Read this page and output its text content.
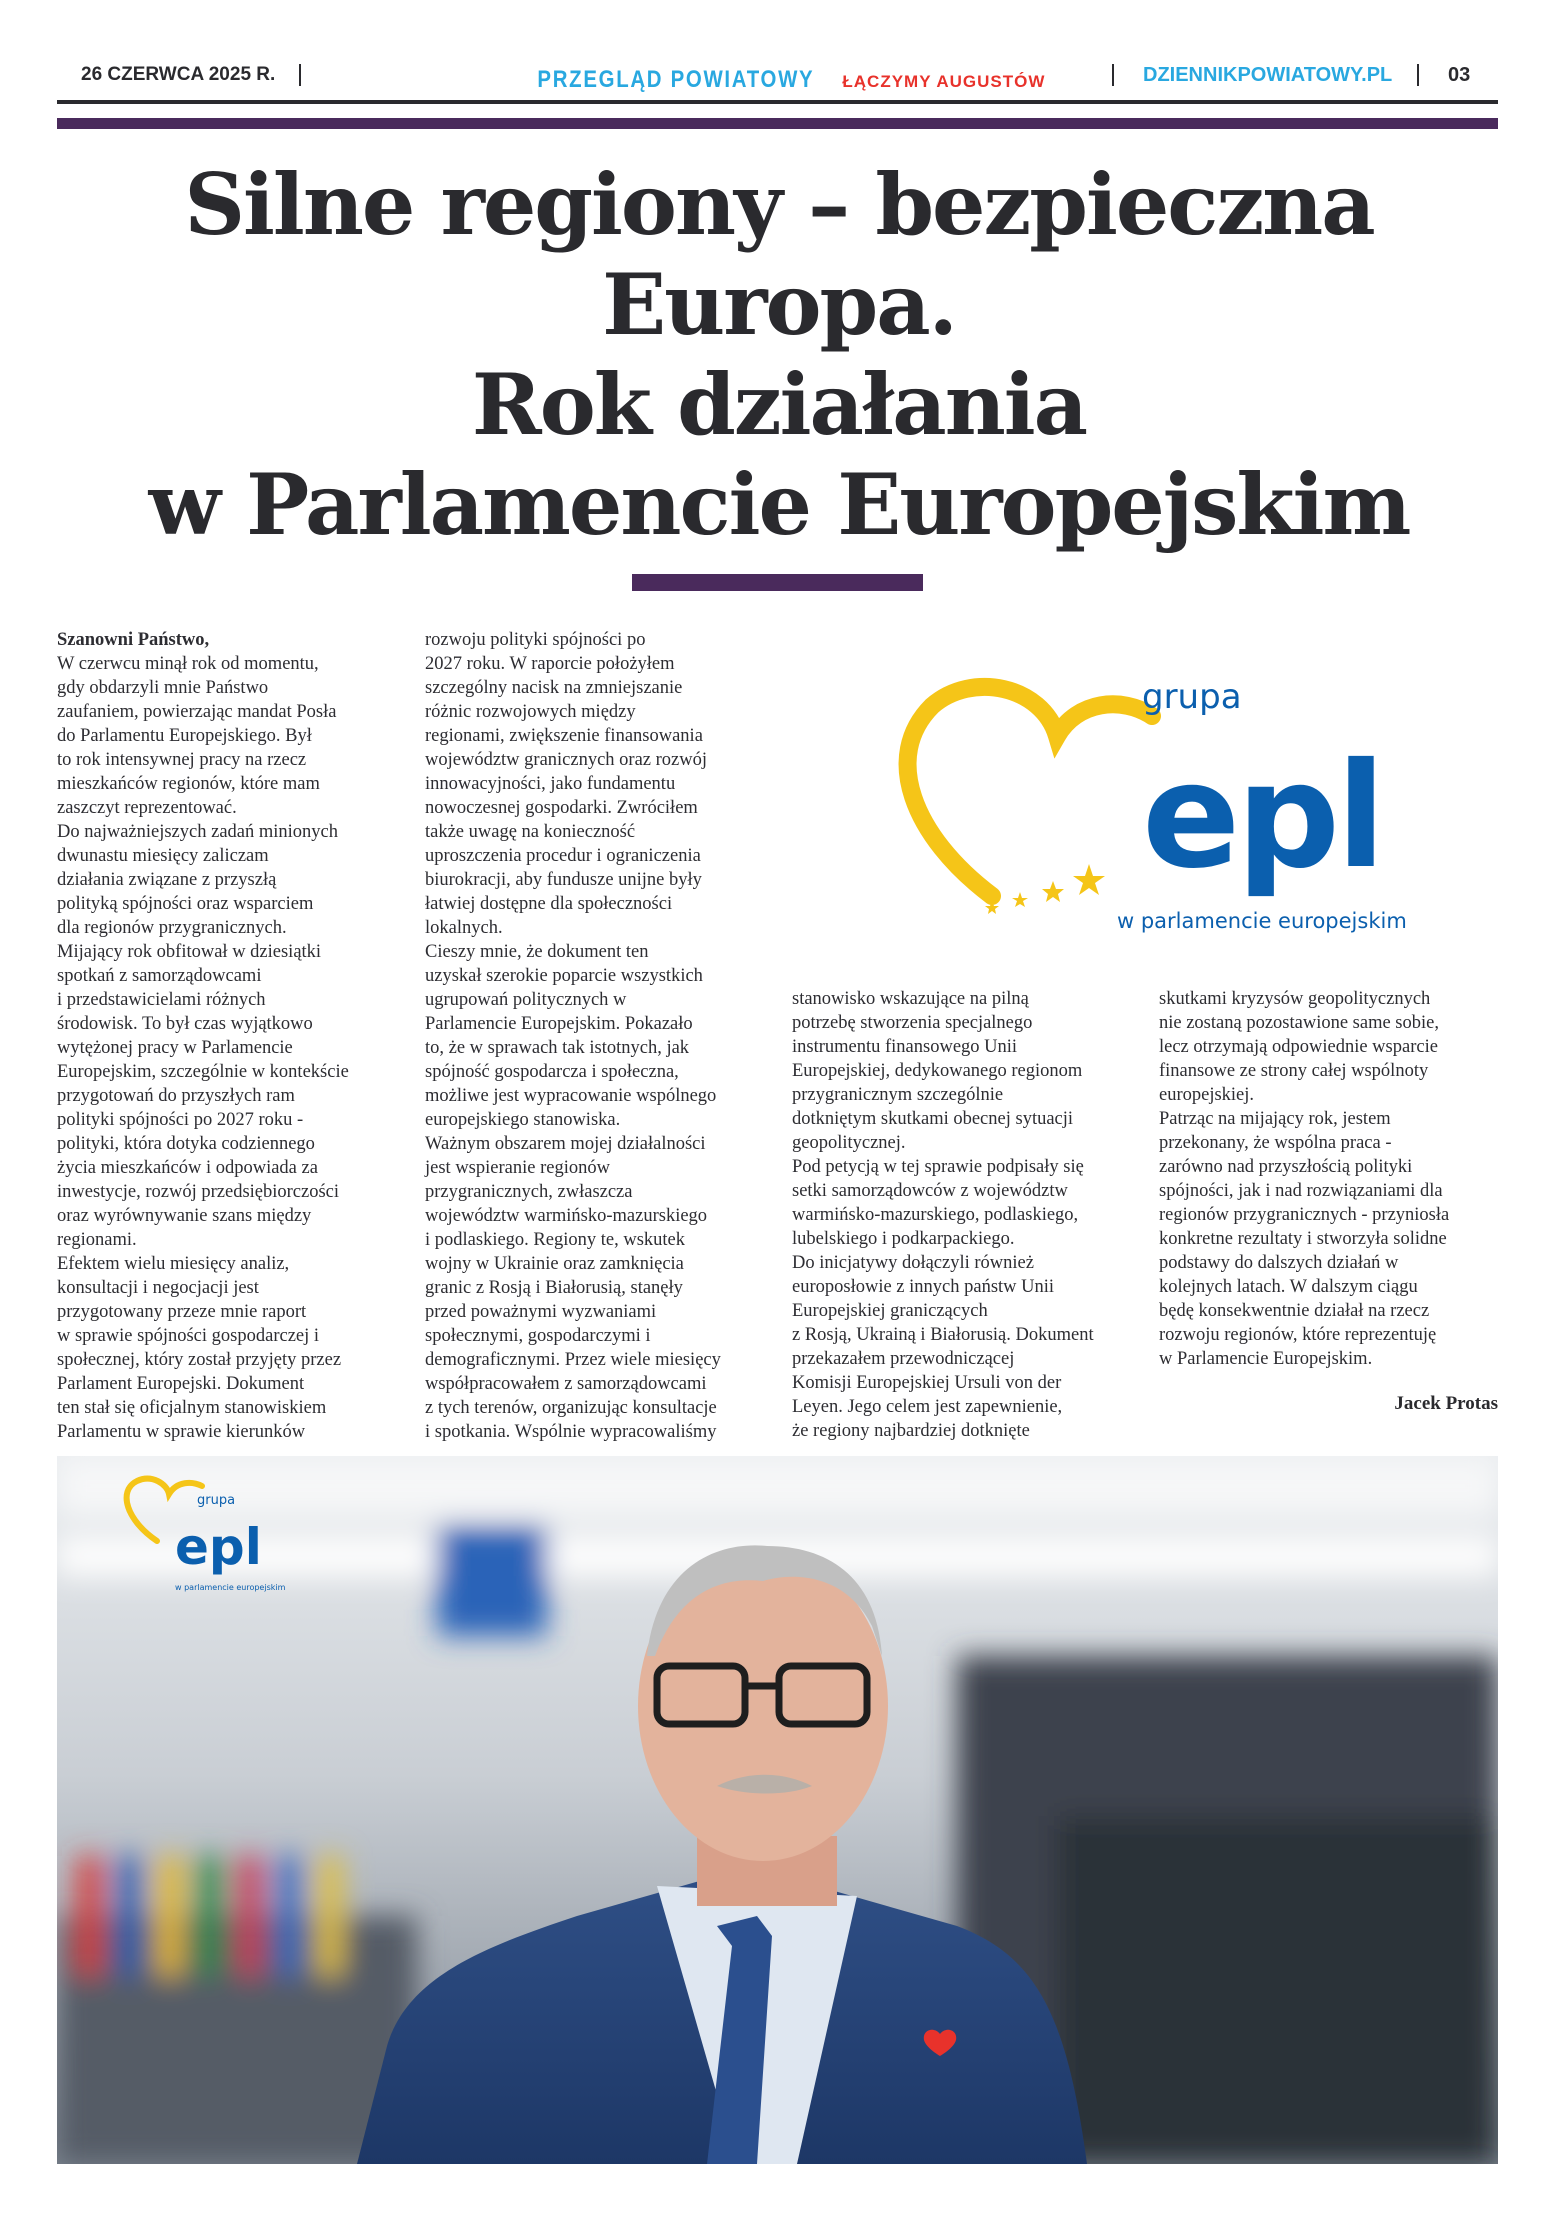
26 CZERWCA 2025 R.	PRZEGLĄD POWIATOWY ŁĄCZYMY AUGUSTÓW	DZIENNIKPOWIATOWY.PL	03
Silne regiony – bezpieczna
Europa.
Rok działania
w Parlamencie Europejskim
Szanowni Państwo,
W czerwcu minął rok od momentu,
gdy obdarzyli mnie Państwo
zaufaniem, powierzając mandat Posła
do Parlamentu Europejskiego. Był
to rok intensywnej pracy na rzecz
mieszkańców regionów, które mam
zaszczyt reprezentować.
Do najważniejszych zadań minionych
dwunastu miesięcy zaliczam
działania związane z przyszłą
polityką spójności oraz wsparciem
dla regionów przygranicznych.
Mijający rok obfitował w dziesiątki
spotkań z samorządowcami
i przedstawicielami różnych
środowisk. To był czas wyjątkowo
wytężonej pracy w Parlamencie
Europejskim, szczególnie w kontekście
przygotowań do przyszłych ram
polityki spójności po 2027 roku -
polityki, która dotyka codziennego
życia mieszkańców i odpowiada za
inwestycje, rozwój przedsiębiorczości
oraz wyrównywanie szans między
regionami.
Efektem wielu miesięcy analiz,
konsultacji i negocjacji jest
przygotowany przeze mnie raport
w sprawie spójności gospodarczej i
społecznej, który został przyjęty przez
Parlament Europejski. Dokument
ten stał się oficjalnym stanowiskiem
Parlamentu w sprawie kierunków
rozwoju polityki spójności po
2027 roku. W raporcie położyłem
szczególny nacisk na zmniejszanie
różnic rozwojowych między
regionami, zwiększenie finansowania
województw granicznych oraz rozwój
innowacyjności, jako fundamentu
nowoczesnej gospodarki. Zwróciłem
także uwagę na konieczność
uproszczenia procedur i ograniczenia
biurokracji, aby fundusze unijne były
łatwiej dostępne dla społeczności
lokalnych.
Cieszy mnie, że dokument ten
uzyskał szerokie poparcie wszystkich
ugrupowań politycznych w
Parlamencie Europejskim. Pokazało
to, że w sprawach tak istotnych, jak
spójność gospodarcza i społeczna,
możliwe jest wypracowanie wspólnego
europejskiego stanowiska.
Ważnym obszarem mojej działalności
jest wspieranie regionów
przygranicznych, zwłaszcza
województw warmińsko-mazurskiego
i podlaskiego. Regiony te, wskutek
wojny w Ukrainie oraz zamknięcia
granic z Rosją i Białorusią, stanęły
przed poważnymi wyzwaniami
społecznymi, gospodarczymi i
demograficznymi. Przez wiele miesięcy
współpracowałem z samorządowcami
z tych terenów, organizując konsultacje
i spotkania. Wspólnie wypracowaliśmy
stanowisko wskazujące na pilną
potrzebę stworzenia specjalnego
instrumentu finansowego Unii
Europejskiej, dedykowanego regionom
przygranicznym szczególnie
dotkniętym skutkami obecnej sytuacji
geopolitycznej.
Pod petycją w tej sprawie podpisały się
setki samorządowców z województw
warmińsko-mazurskiego, podlaskiego,
lubelskiego i podkarpackiego.
Do inicjatywy dołączyli również
europosłowie z innych państw Unii
Europejskiej graniczących
z Rosją, Ukrainą i Białorusią. Dokument
przekazałem przewodniczącej
Komisji Europejskiej Ursuli von der
Leyen. Jego celem jest zapewnienie,
że regiony najbardziej dotknięte
skutkami kryzysów geopolitycznych
nie zostaną pozostawione same sobie,
lecz otrzymają odpowiednie wsparcie
finansowe ze strony całej wspólnoty
europejskiej.
Patrząc na mijający rok, jestem
przekonany, że wspólna praca -
zarówno nad przyszłością polityki
spójności, jak i nad rozwiązaniami dla
regionów przygranicznych - przyniosła
konkretne rezultaty i stworzyła solidne
podstawy do dalszych działań w
kolejnych latach. W dalszym ciągu
będę konsekwentnie działał na rzecz
rozwoju regionów, które reprezentuję
w Parlamencie Europejskim.
Jacek Protas
grupa
epl
w parlamencie europejskim
grupa
epl
w parlamencie europejskim
